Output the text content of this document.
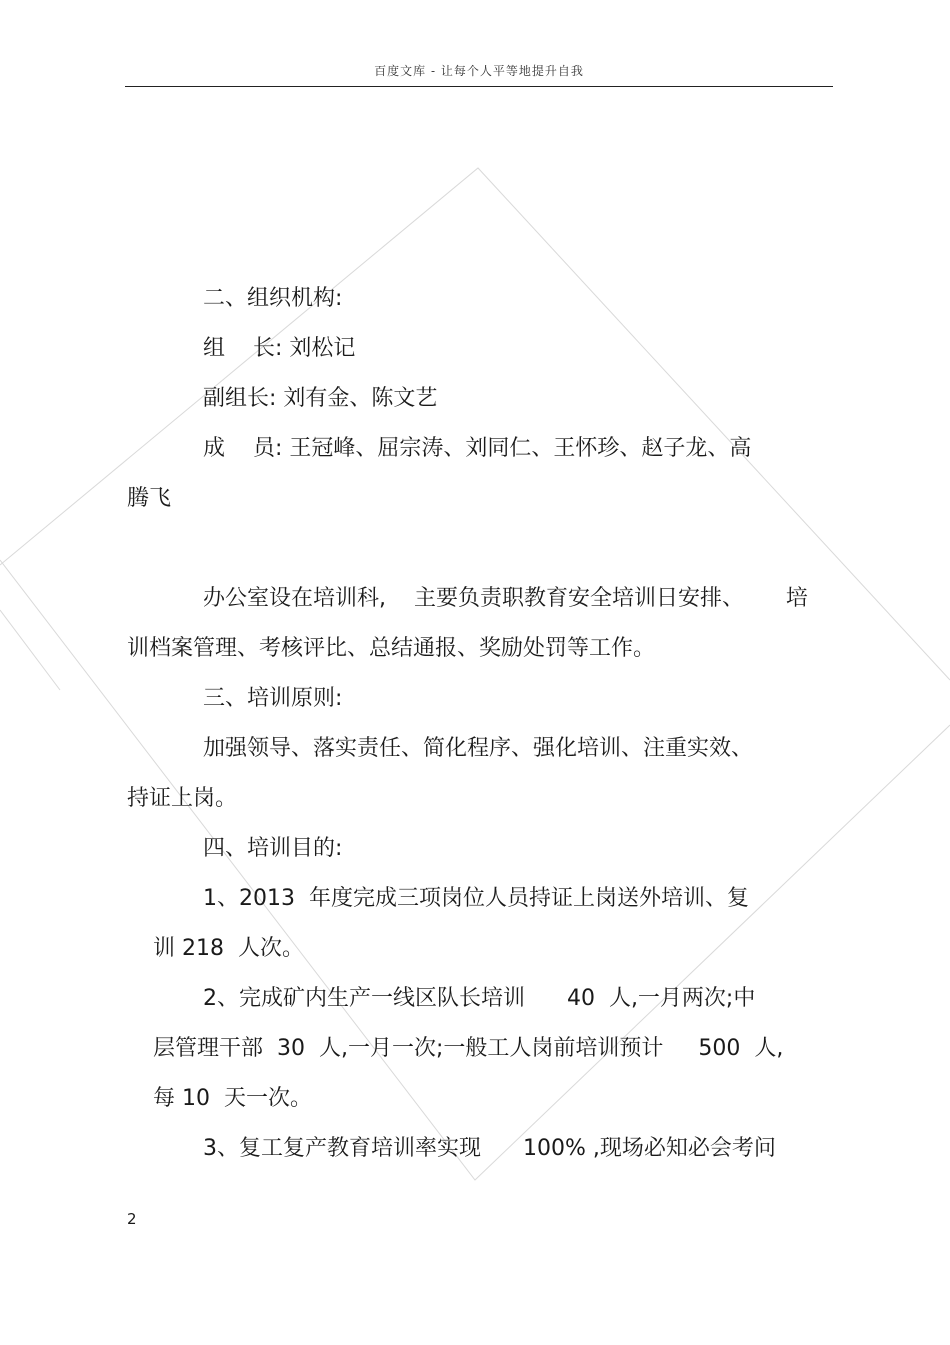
百度文库 - 让每个人平等地提升自我
二、组织机构:
组    长: 刘松记
副组长: 刘有金、陈文艺
成    员: 王冠峰、屈宗涛、刘同仁、王怀珍、赵子龙、高
腾飞
办公室设在培训科,    主要负责职教育安全培训日安排、      培
训档案管理、考核评比、总结通报、奖励处罚等工作。
三、培训原则:
加强领导、落实责任、简化程序、强化培训、注重实效、
持证上岗。
四、培训目的:
1、2013  年度完成三项岗位人员持证上岗送外培训、复
训 218  人次。
2、完成矿内生产一线区队长培训      40  人,一月两次;中
层管理干部  30  人,一月一次;一般工人岗前培训预计     500  人,
每 10  天一次。
3、复工复产教育培训率实现      100% ,现场必知必会考问
2
